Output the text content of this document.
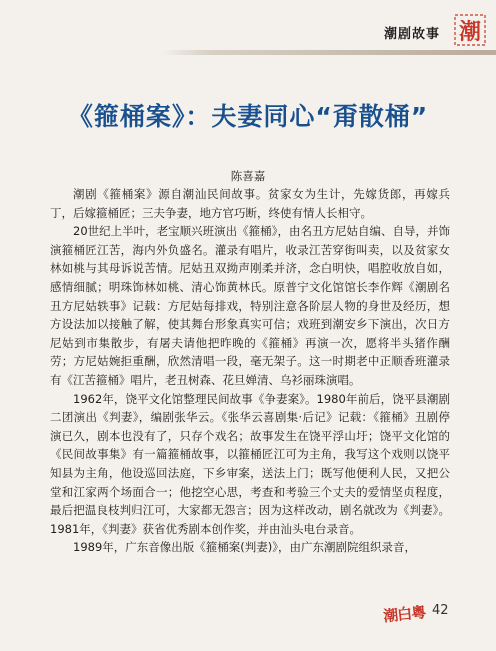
潮剧故事 潮
《箍桶案》：夫妻同心“甭散桶”
陈喜嘉

潮剧《箍桶案》源自潮汕民间故事。贫家女为生计，先嫁货郎，再嫁兵丁，后嫁箍桶匠；三夫争妻，地方官巧断，终使有情人长相守。

20世纪上半叶，老宝顺兴班演出《箍桶》，由名丑方尼姑自编、自导，并饰演箍桶匠江苦，海内外负盛名。灌录有唱片，收录江苦穿街叫卖，以及贫家女林如桃与其母诉说苦情。尼姑丑双拗声刚柔并济，念白明快，唱腔收放自如，感情细腻；明珠饰林如桃、清心饰黄林氏。原普宁文化馆馆长李作辉《潮剧名丑方尼姑轶事》记载：方尼姑每排戏，特别注意各阶层人物的身世及经历，想方设法加以接触了解，使其舞台形象真实可信；戏班到潮安乡下演出，次日方尼姑到市集散步，有屠夫请他把昨晚的《箍桶》再演一次，愿将半头猪作酬劳；方尼姑婉拒重酬，欣然清唱一段，毫无架子。这一时期老中正顺香班灌录有《江苦箍桶》唱片，老丑树森、花旦婵清、乌衫丽珠演唱。

1962年，饶平文化馆整理民间故事《争妻案》。1980年前后，饶平县潮剧二团演出《判妻》，编剧张华云。《张华云喜剧集·后记》记载：《箍桶》丑剧停演已久，剧本也没有了，只存个戏名；故事发生在饶平浮山圩；饶平文化馆的《民间故事集》有一篇箍桶故事，以箍桶匠江可为主角，我写这个戏则以饶平知县为主角，他设巡回法庭，下乡审案，送法上门；既写他便利人民，又把公堂和江家两个场面合一；他挖空心思，考查和考验三个丈夫的爱情坚贞程度，最后把温良枝判归江可，大家都无怨言；因为这样改动，剧名就改为《判妻》。1981年，《判妻》获省优秀剧本创作奖，并由汕头电台录音。

1989年，广东音像出版《箍桶案(判妻)》，由广东潮剧院组织录音，

潮白粵 42
